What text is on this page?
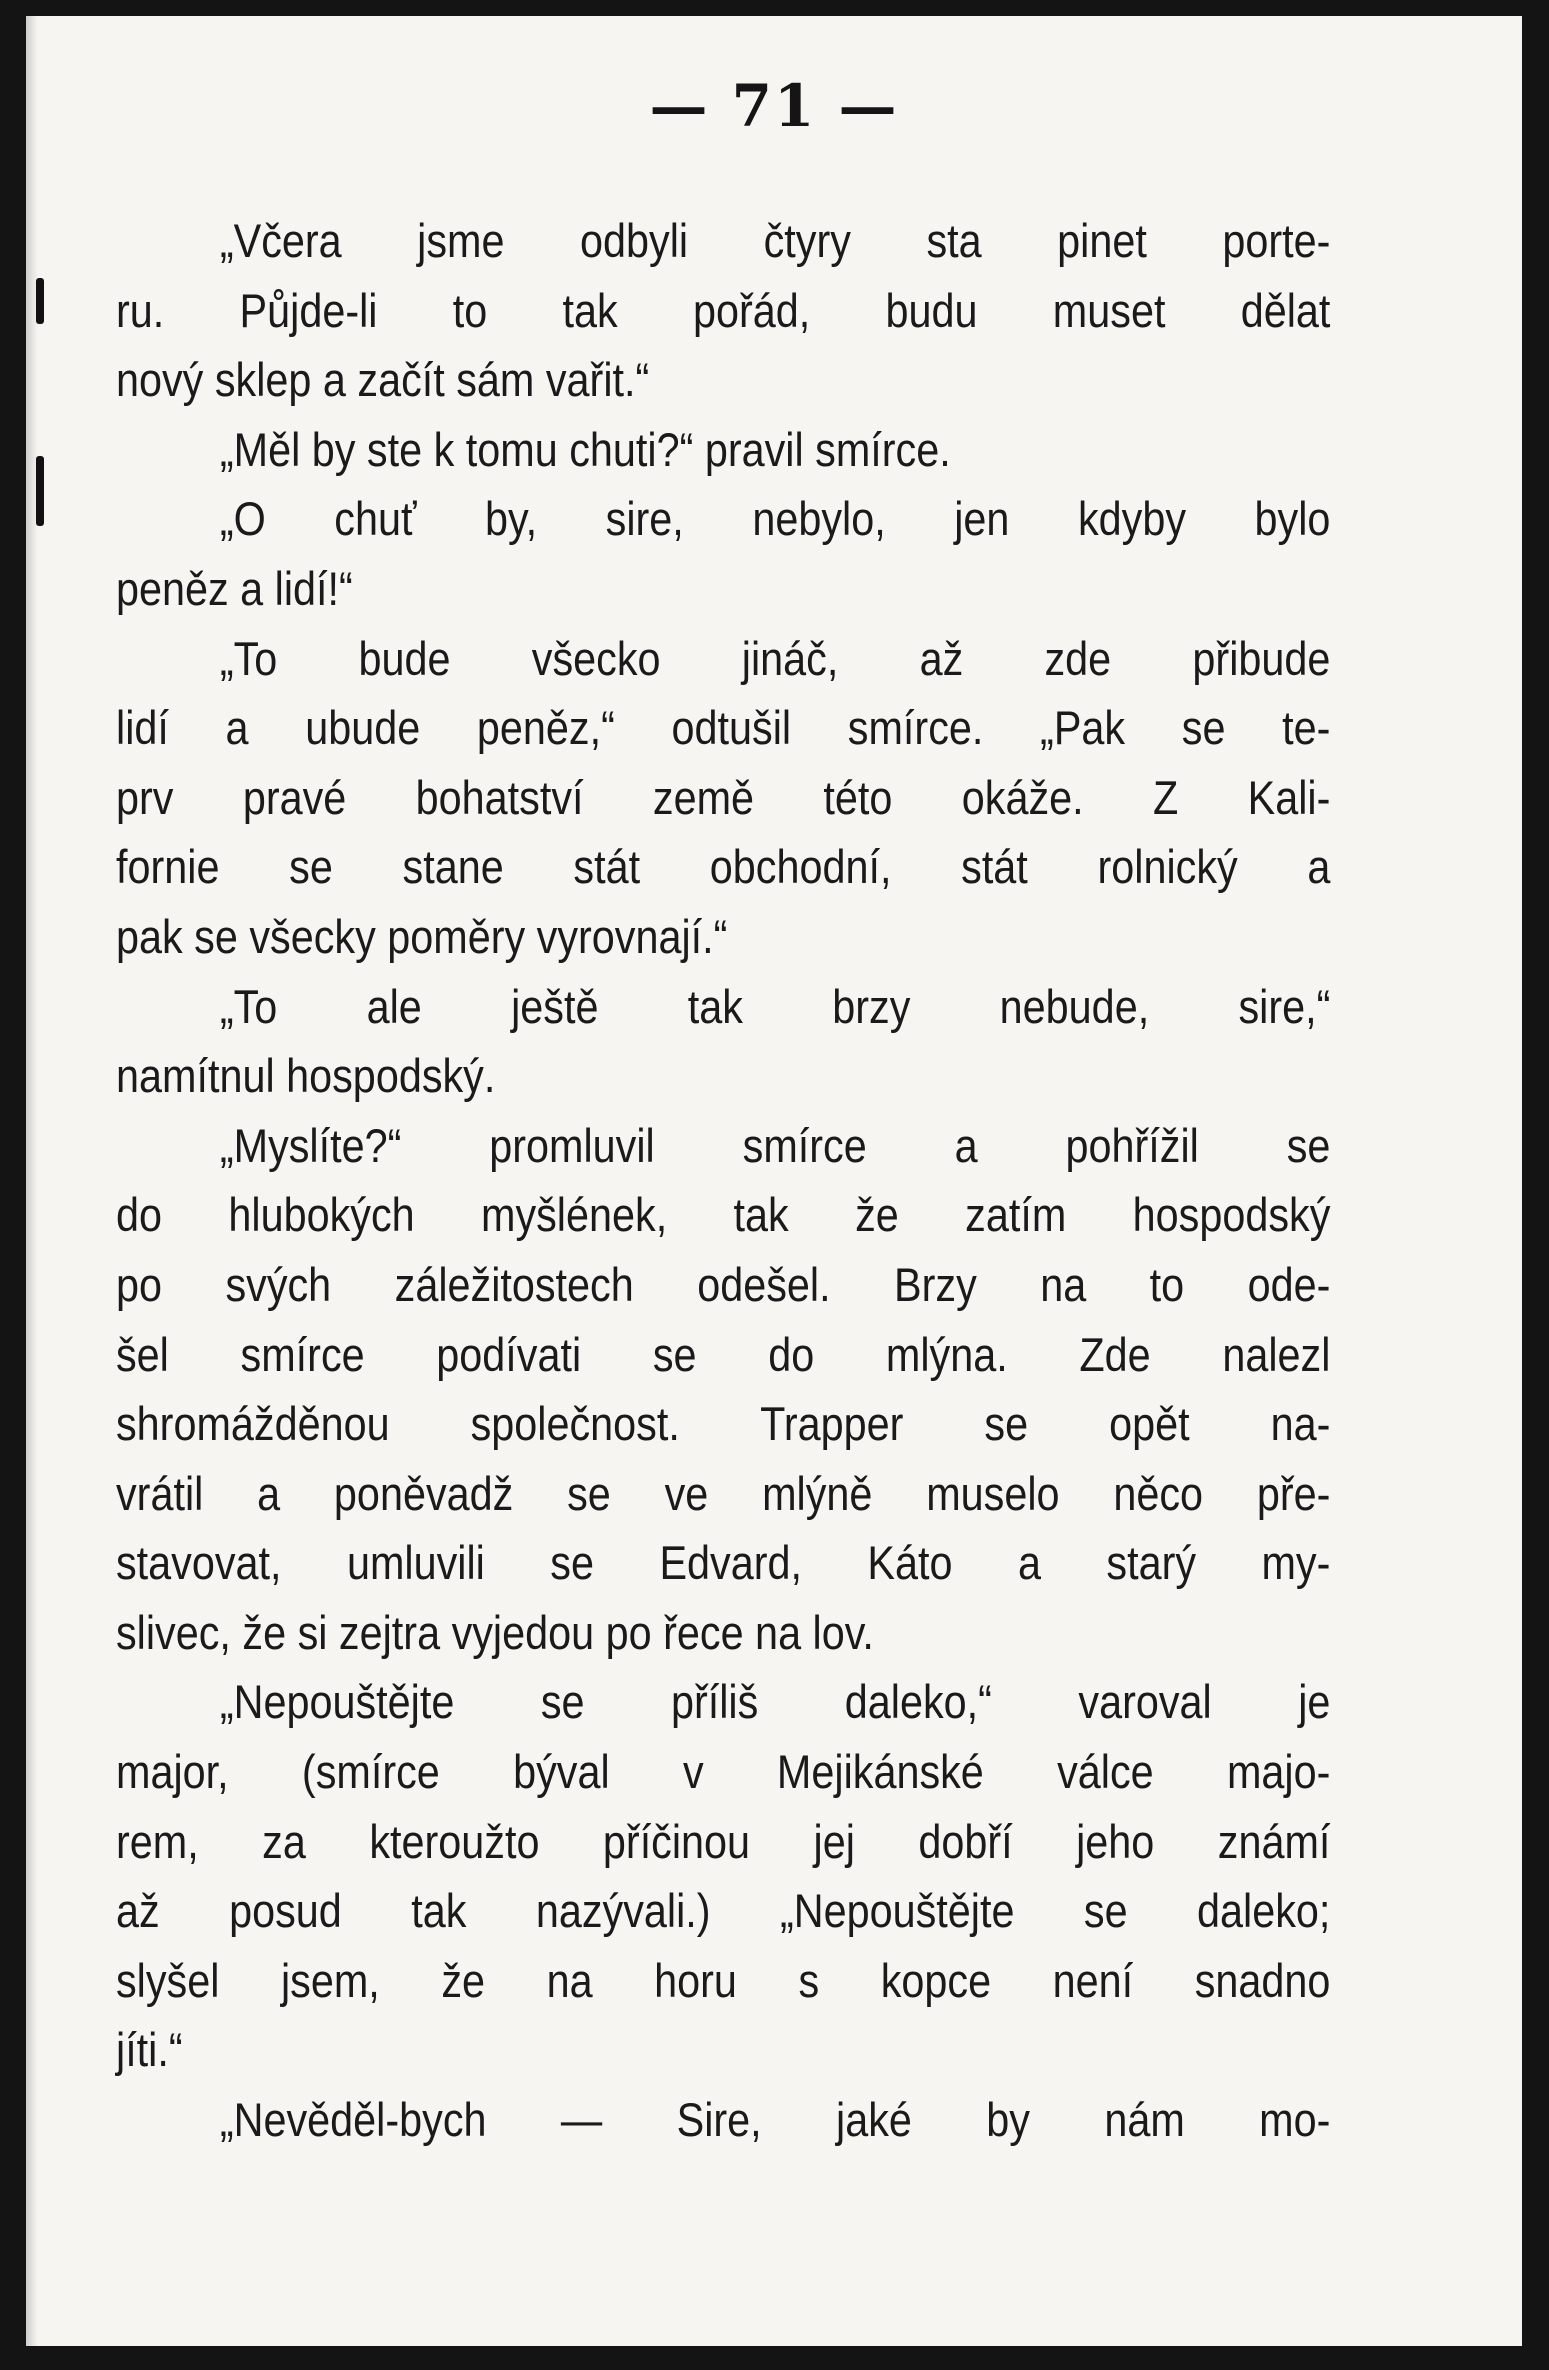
— 71 —
„Včera jsme odbyli čtyry sta pinet porte-
ru. Půjde-li to tak pořád, budu muset dělat
nový sklep a začít sám vařit.“
„Měl by ste k tomu chuti?“ pravil smírce.
„O chuť by, sire, nebylo, jen kdyby bylo
peněz a lidí!“
„To bude všecko jináč, až zde přibude
lidí a ubude peněz,“ odtušil smírce. „Pak se te-
prv pravé bohatství země této okáže. Z Kali-
fornie se stane stát obchodní, stát rolnický a
pak se všecky poměry vyrovnají.“
„To ale ještě tak brzy nebude, sire,“
namítnul hospodský.
„Myslíte?“ promluvil smírce a pohřížil se
do hlubokých myšlének, tak že zatím hospodský
po svých záležitostech odešel. Brzy na to ode-
šel smírce podívati se do mlýna. Zde nalezl
shromážděnou společnost. Trapper se opět na-
vrátil a poněvadž se ve mlýně muselo něco pře-
stavovat, umluvili se Edvard, Káto a starý my-
slivec, že si zejtra vyjedou po řece na lov.
„Nepouštějte se příliš daleko,“ varoval je
major, (smírce býval v Mejikánské válce majo-
rem, za kteroužto příčinou jej dobří jeho známí
až posud tak nazývali.) „Nepouštějte se daleko;
slyšel jsem, že na horu s kopce není snadno
jíti.“
„Nevěděl-bych — Sire, jaké by nám mo-
